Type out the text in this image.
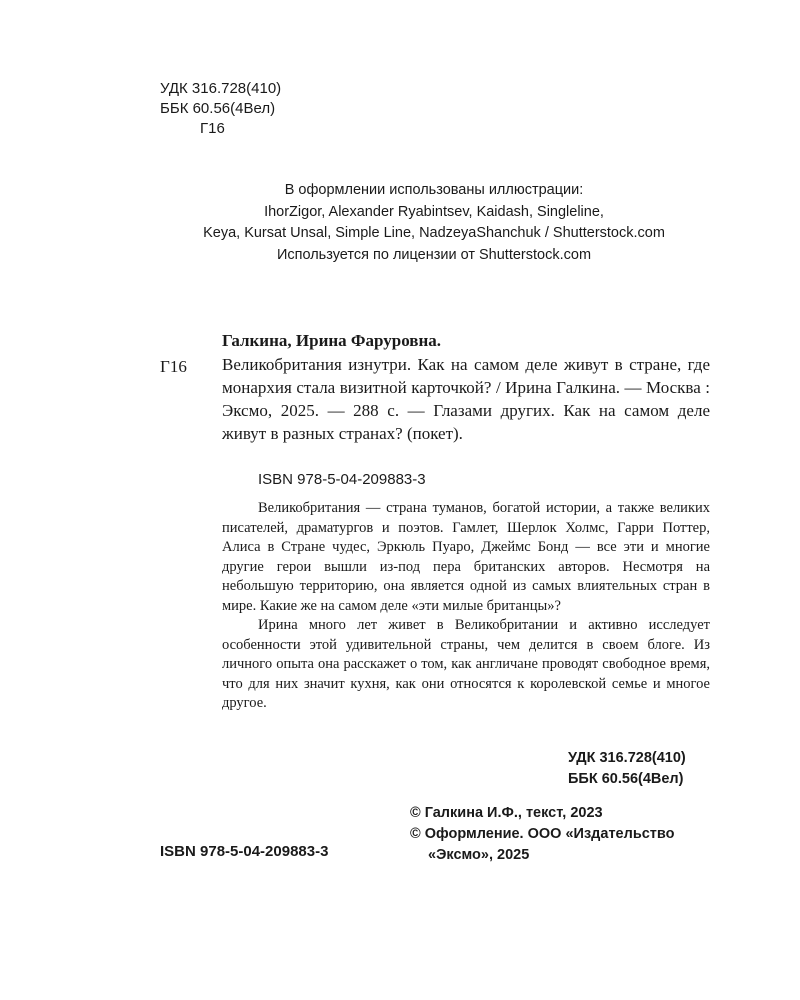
УДК 316.728(410)
ББК 60.56(4Вел)
Г16
В оформлении использованы иллюстрации:
IhorZigor, Alexander Ryabintsev, Kaidash, Singleline,
Keya, Kursat Unsal, Simple Line, NadzeyaShanchuk / Shutterstock.com
Используется по лицензии от Shutterstock.com
Г16
Галкина, Ирина Фаруровна.
Великобритания изнутри. Как на самом деле живут в стране, где монархия стала визитной карточкой? / Ирина Галкина. — Москва : Эксмо, 2025. — 288 с. — Глазами других. Как на самом деле живут в разных странах? (покет).
ISBN 978-5-04-209883-3

Великобритания — страна туманов, богатой истории, а также великих писателей, драматургов и поэтов. Гамлет, Шерлок Холмс, Гарри Поттер, Алиса в Стране чудес, Эркюль Пуаро, Джеймс Бонд — все эти и многие другие герои вышли из-под пера британских авторов. Несмотря на небольшую территорию, она является одной из самых влиятельных стран в мире. Какие же на самом деле «эти милые британцы»?

Ирина много лет живет в Великобритании и активно исследует особенности этой удивительной страны, чем делится в своем блоге. Из личного опыта она расскажет о том, как англичане проводят свободное время, что для них значит кухня, как они относятся к королевской семье и многое другое.

УДК 316.728(410)
ББК 60.56(4Вел)
© Галкина И.Ф., текст, 2023
© Оформление. ООО «Издательство
«Эксмо», 2025
ISBN 978-5-04-209883-3
